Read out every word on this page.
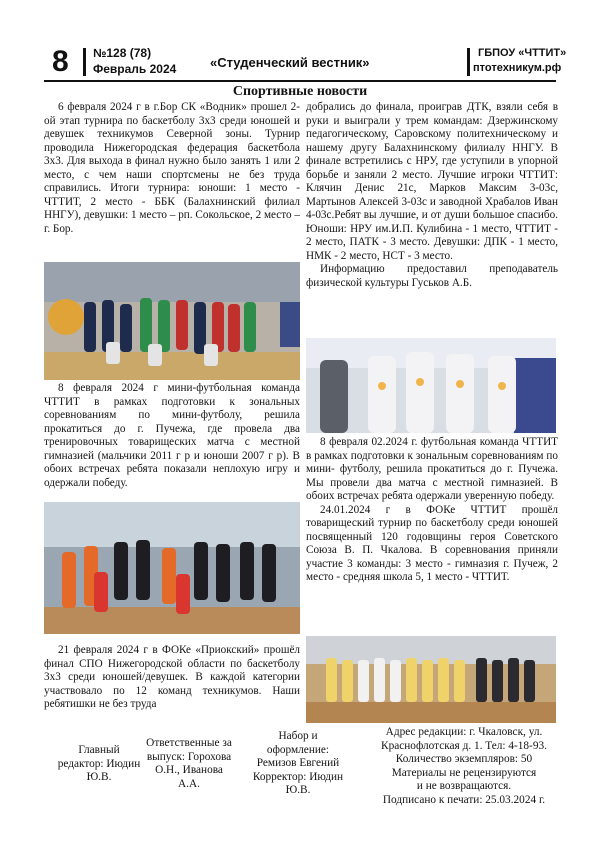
8 №128 (78)
Февраль 2024	«Студенческий вестник»
ГБПОУ «ЧТТИТ»
птотехникум.рф
Спортивные новости

6 февраля 2024 г в г.Бор СК «Водник» прошел 2-ой этап турнира по баскетболу 3х3 среди юношей и девушек техникумов Северной зоны. Турнир проводила Нижегородская федерация баскетбола 3х3. Для выхода в финал нужно было занять 1 или 2 место, с чем наши спортсмены не без труда справились. Итоги турнира: юноши: 1 место - ЧТТИТ, 2 место - ББК (Балахнинский филиал ННГУ), девушки: 1 место – рп. Сокольское, 2 место – г. Бор.

8 февраля 2024 г мини-футбольная команда ЧТТИТ в рамках подготовки к зональных соревнованиям по мини-футболу, решила прокатиться до г. Пучежа, где провела два тренировочных товарищеских матча с местной гимназией (мальчики 2011 г р и юноши 2007 г р). В обоих встречах ребята показали неплохую игру и одержали победу.

21 февраля 2024 г в ФОКе «Приокский» прошёл финал СПО Нижегородской области по баскетболу 3х3 среди юношей/девушек. В каждой категории участвовало по 12 команд техникумов. Наши ребятишки не без труда

добрались до финала, проиграв ДТК, взяли себя в руки и выиграли у трем командам: Дзержинскому педагогическому, Саровскому политехническому и нашему другу Балахнинскому филиалу ННГУ. В финале встретились с НРУ, где уступили в упорной борьбе и заняли 2 место. Лучшие игроки ЧТТИТ: Клячин Денис 21с, Марков Максим 3-03с, Мартынов Алексей 3-03с и заводной Храбалов Иван 4-03с.Ребят вы лучшие, и от души большое спасибо. Юноши: НРУ им.И.П. Кулибина - 1 место, ЧТТИТ - 2 место, ПАТК - 3 место. Девушки: ДПК - 1 место, НМК - 2 место, НСТ - 3 место.

Информацию предоставил преподаватель физической культуры Гуськов А.Б.

8 февраля 02.2024 г. футбольная команда ЧТТИТ в рамках подготовки к зональным соревнованиям по мини- футболу, решила прокатиться до г. Пучежа. Мы провели два матча с местной гимназией. В обоих встречах ребята одержали уверенную победу.

24.01.2024 г в ФОКе ЧТТИТ прошёл товарищеский турнир по баскетболу среди юношей посвященный 120 годовщины героя Советского Союза В. П. Чкалова. В соревнования приняли участие 3 команды: 3 место - гимназия г. Пучеж, 2 место - средняя школа 5, 1 место - ЧТТИТ.

Главный редактор: Июдин Ю.В.
Ответственные за выпуск: Горохова О.Н., Иванова А.А.
Набор и оформление: Ремизов Евгений
Корректор: Июдин Ю.В.
Адрес редакции: г. Чкаловск, ул. Краснофлотская д. 1. Тел: 4-18-93.
Количество экземпляров: 50
Материалы не рецензируются
и не возвращаются.
Подписано к печати: 25.03.2024 г.
